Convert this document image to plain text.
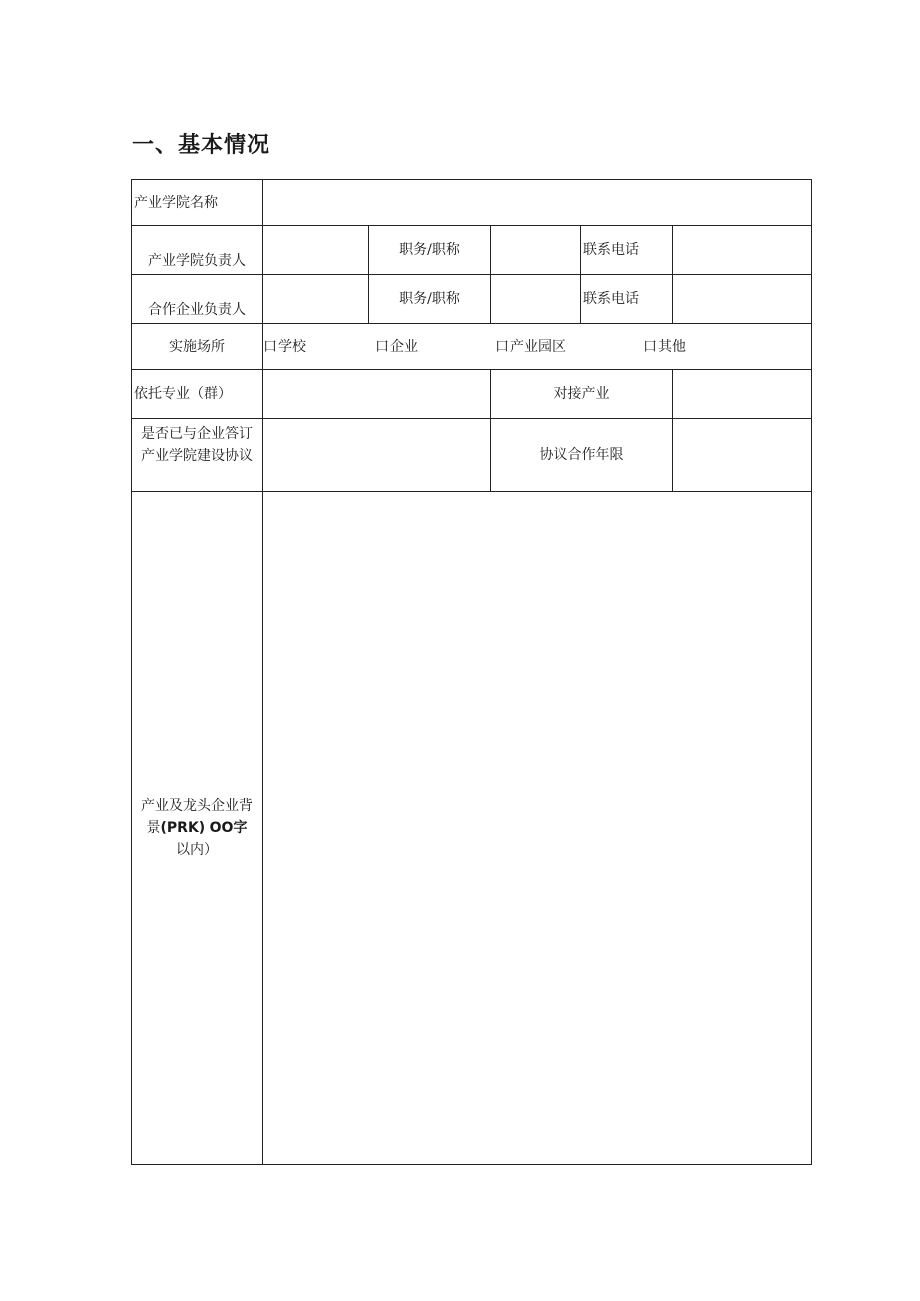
一、基本情况
产业学院名称					
产业学院负责人		职务/职称		联系电话	
合作企业负责人		职务/职称		联系电话	
实施场所	口学校 口企业 口产业园区 口其他				

依托专业（群）			对接产业		

是否已与企业答订
产业学院建设协议			协议合作年限		

产业及龙头企业背
景(PRK) OO字
以内）					
